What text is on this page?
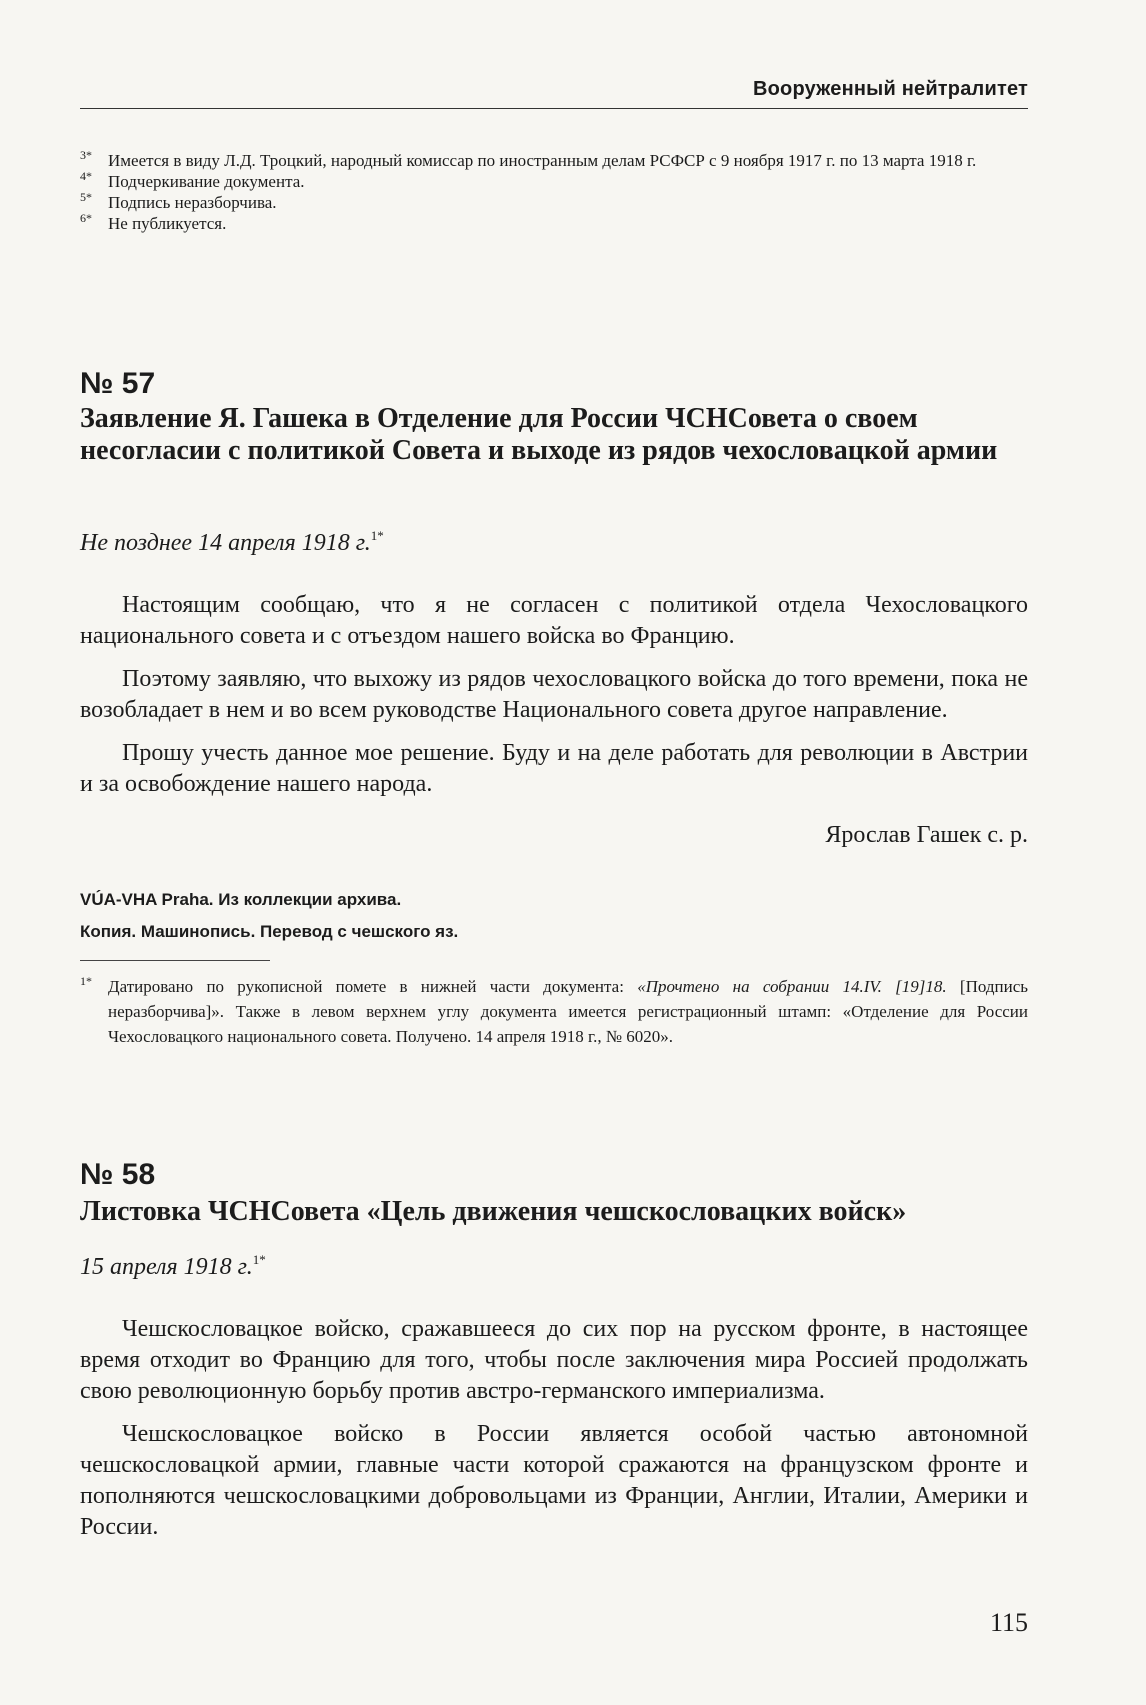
Вооруженный нейтралитет
3* Имеется в виду Л.Д. Троцкий, народный комиссар по иностранным делам РСФСР с 9 ноября 1917 г. по 13 марта 1918 г.
4* Подчеркивание документа.
5* Подпись неразборчива.
6* Не публикуется.
№ 57
Заявление Я. Гашека в Отделение для России ЧСНСовета о своем несогласии с политикой Совета и выходе из рядов чехословацкой армии
Не позднее 14 апреля 1918 г.$^{1*}$

Настоящим сообщаю, что я не согласен с политикой отдела Чехословацкого национального совета и с отъездом нашего войска во Францию.

Поэтому заявляю, что выхожу из рядов чехословацкого войска до того времени, пока не возобладает в нем и во всем руководстве Национального совета другое направление.

Прошу учесть данное мое решение. Буду и на деле работать для революции в Австрии и за освобождение нашего народа.

Ярослав Гашек с. р.
VÚA-VHA Praha. Из коллекции архива.
Копия. Машинопись. Перевод с чешского яз.
1* Датировано по рукописной помете в нижней части документа: «Прочтено на собрании 14.IV. [19]18. [Подпись неразборчива]». Также в левом верхнем углу документа имеется регистрационный штамп: «Отделение для России Чехословацкого национального совета. Получено. 14 апреля 1918 г., № 6020».
№ 58
Листовка ЧСНСовета «Цель движения чешскословацких войск»
15 апреля 1918 г.$^{1*}$

Чешскословацкое войско, сражавшееся до сих пор на русском фронте, в настоящее время отходит во Францию для того, чтобы после заключения мира Россией продолжать свою революционную борьбу против австро-германского империализма.

Чешскословацкое войско в России является особой частью автономной чешскословацкой армии, главные части которой сражаются на французском фронте и пополняются чешскословацкими добровольцами из Франции, Англии, Италии, Америки и России.

115
